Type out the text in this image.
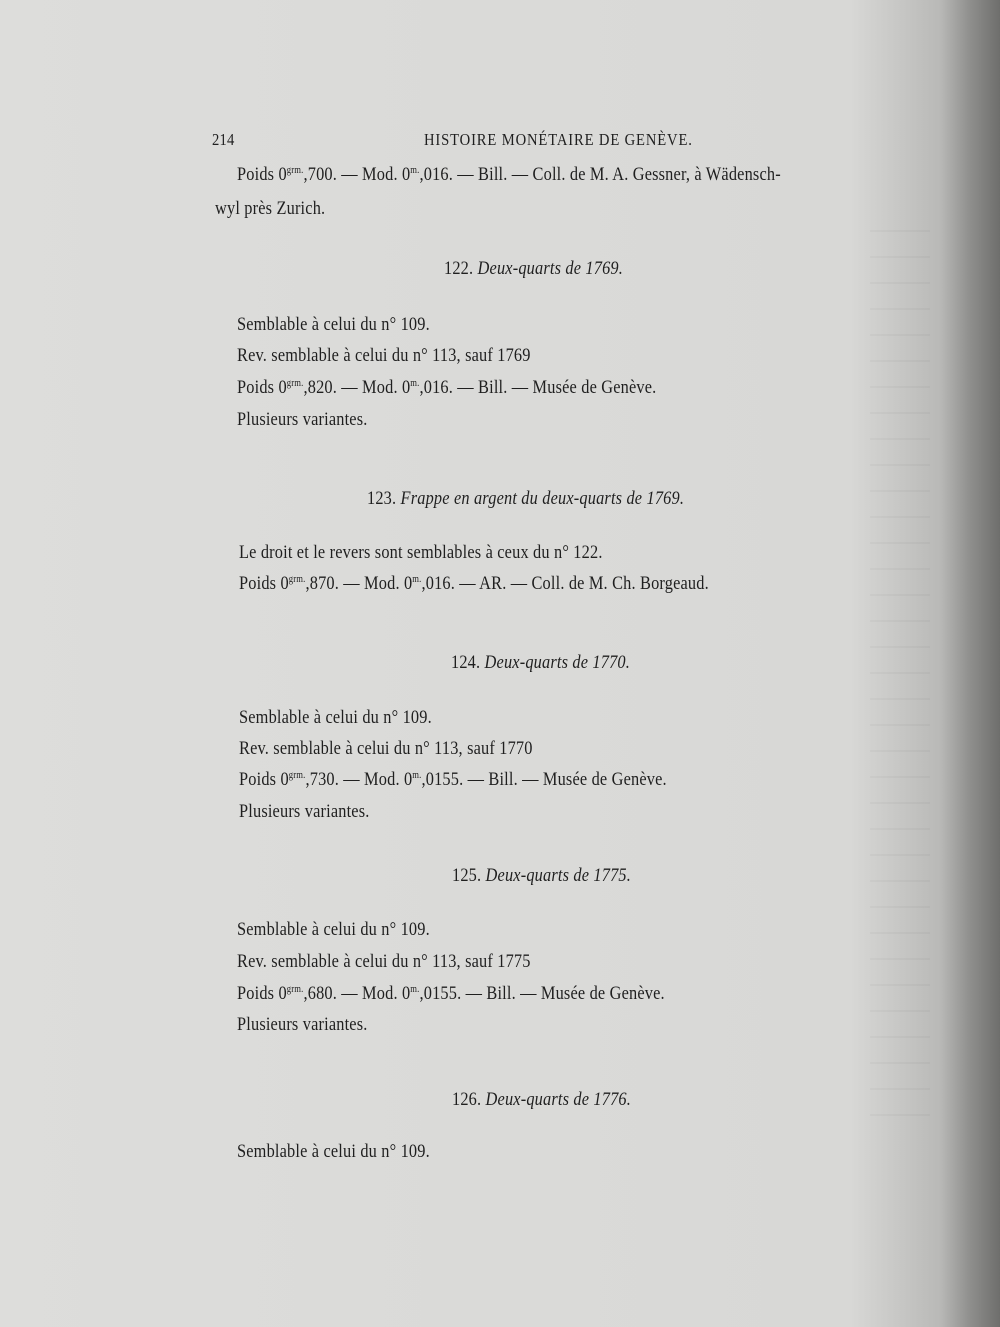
214	HISTOIRE MONÉTAIRE DE GENÈVE.
Poids $0^{grm.},700$. — Mod. $0^{m.},016$. — Bill. — Coll. de M. A. Gessner, à Wädensch-
wyl près Zurich.
122. Deux-quarts de 1769.
Semblable à celui du n° 109.
Rev. semblable à celui du n° 113, sauf 1769
Poids $0^{grm.},820$. — Mod. $0^{m.},016$. — Bill. — Musée de Genève.
Plusieurs variantes.
123. Frappe en argent du deux-quarts de 1769.
Le droit et le revers sont semblables à ceux du n° 122.
Poids $0^{grm.},870$. — Mod. $0^{m.},016$. — AR. — Coll. de M. Ch. Borgeaud.
124. Deux-quarts de 1770.
Semblable à celui du n° 109.
Rev. semblable à celui du n° 113, sauf 1770
Poids $0^{grm.},730$. — Mod. $0^{m.},0155$. — Bill. — Musée de Genève.
Plusieurs variantes.
125. Deux-quarts de 1775.
Semblable à celui du n° 109.
Rev. semblable à celui du n° 113, sauf 1775
Poids $0^{grm.},680$. — Mod. $0^{m.},0155$. — Bill. — Musée de Genève.
Plusieurs variantes.
126. Deux-quarts de 1776.
Semblable à celui du n° 109.
